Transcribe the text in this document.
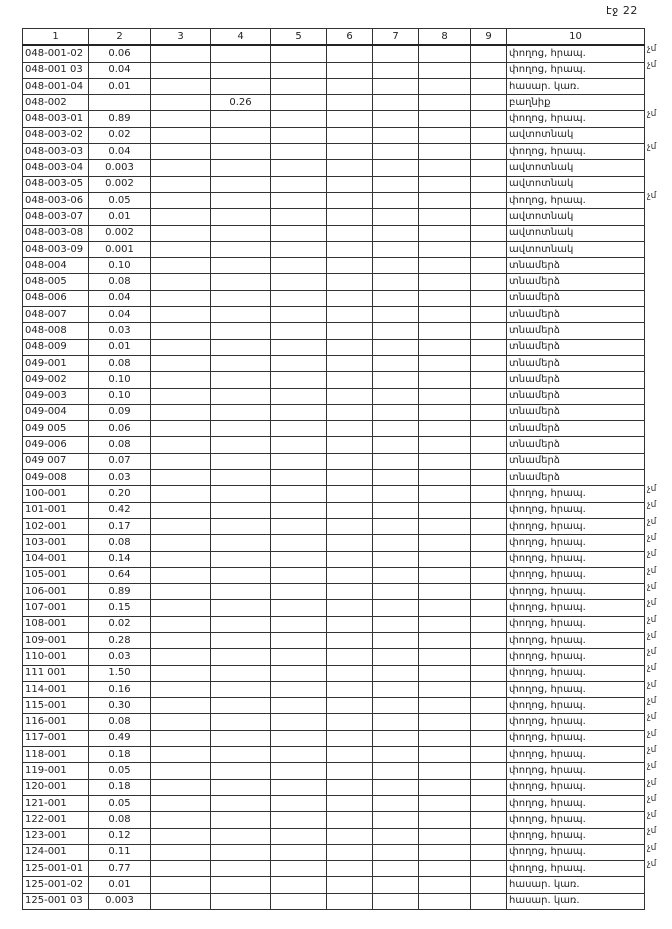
էջ 22
1	2	3	4	5	6	7	8	9	10
048-001-02	0.06								փողոց, հրապ.
048-001 03	0.04								փողոց, հրապ.
048-001-04	0.01								հասար. կառ.
048-002			0.26						բաղնիք
048-003-01	0.89								փողոց, հրապ.
048-003-02	0.02								ավտոտնակ
048-003-03	0.04								փողոց, հրապ.
048-003-04	0.003								ավտոտնակ
048-003-05	0.002								ավտոտնակ
048-003-06	0.05								փողոց, հրապ.
048-003-07	0.01								ավտոտնակ
048-003-08	0.002								ավտոտնակ
048-003-09	0.001								ավտոտնակ
048-004	0.10								տնամերձ
048-005	0.08								տնամերձ
048-006	0.04								տնամերձ
048-007	0.04								տնամերձ
048-008	0.03								տնամերձ
048-009	0.01								տնամերձ
049-001	0.08								տնամերձ
049-002	0.10								տնամերձ
049-003	0.10								տնամերձ
049-004	0.09								տնամերձ
049 005	0.06								տնամերձ
049-006	0.08								տնամերձ
049 007	0.07								տնամերձ
049-008	0.03								տնամերձ
100-001	0.20								փողոց, հրապ.
101-001	0.42								փողոց, հրապ.
102-001	0.17								փողոց, հրապ.
103-001	0.08								փողոց, հրապ.
104-001	0.14								փողոց, հրապ.
105-001	0.64								փողոց, հրապ.
106-001	0.89								փողոց, հրապ.
107-001	0.15								փողոց, հրապ.
108-001	0.02								փողոց, հրապ.
109-001	0.28								փողոց, հրապ.
110-001	0.03								փողոց, հրապ.
111 001	1.50								փողոց, հրապ.
114-001	0.16								փողոց, հրապ.
115-001	0.30								փողոց, հրապ.
116-001	0.08								փողոց, հրապ.
117-001	0.49								փողոց, հրապ.
118-001	0.18								փողոց, հրապ.
119-001	0.05								փողոց, հրապ.
120-001	0.18								փողոց, հրապ.
121-001	0.05								փողոց, հրապ.
122-001	0.08								փողոց, հրապ.
123-001	0.12								փողոց, հրապ.
124-001	0.11								փողոց, հրապ.
125-001-01	0.77								փողոց, հրապ.
125-001-02	0.01								հասար. կառ.
125-001 03	0.003								հասար. կառ.
չմ
չմ
չմ
չմ
չմ
չմ
չմ
չմ
չմ
չմ
չմ
չմ
չմ
չմ
չմ
չմ
չմ
չմ
չմ
չմ
չմ
չմ
չմ
չմ
չմ
չմ
չմ
չմ
չմ
